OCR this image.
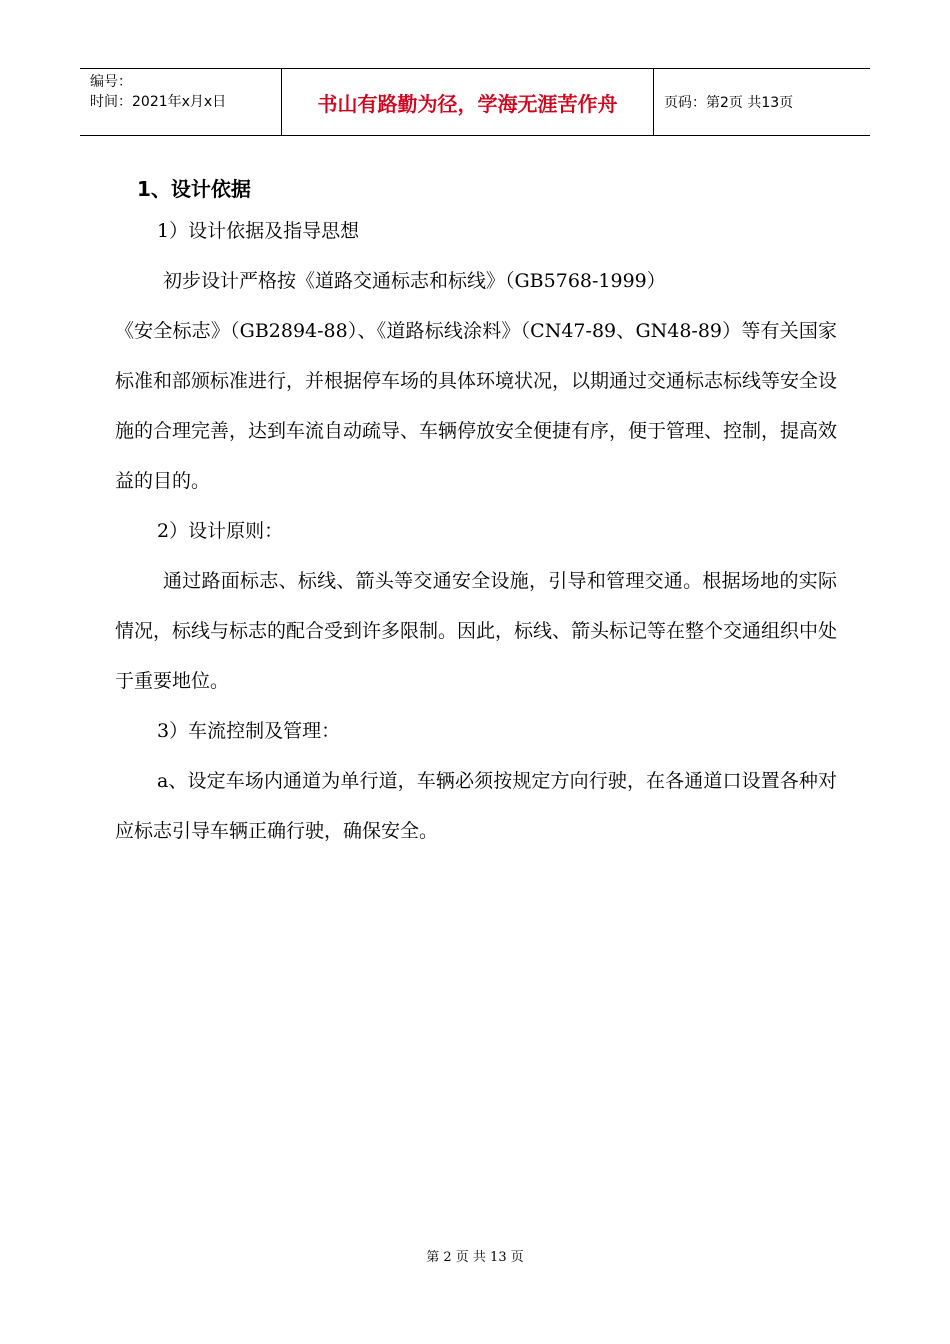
编号：
时间：2021年x月x日	书山有路勤为径，学海无涯苦作舟	页码：第2页 共13页
1、设计依据
1）设计依据及指导思想
初步设计严格按《道路交通标志和标线》（GB5768-1999）
《安全标志》（GB2894-88）、《道路标线涂料》（CN47-89、GN48-89）等有关国家标准和部颁标准进行，并根据停车场的具体环境状况，以期通过交通标志标线等安全设施的合理完善，达到车流自动疏导、车辆停放安全便捷有序，便于管理、控制，提高效益的目的。
2）设计原则：
通过路面标志、标线、箭头等交通安全设施，引导和管理交通。根据场地的实际情况，标线与标志的配合受到许多限制。因此，标线、箭头标记等在整个交通组织中处于重要地位。
3）车流控制及管理：
a、设定车场内通道为单行道，车辆必须按规定方向行驶，在各通道口设置各种对应标志引导车辆正确行驶，确保安全。
第 2 页 共 13 页
